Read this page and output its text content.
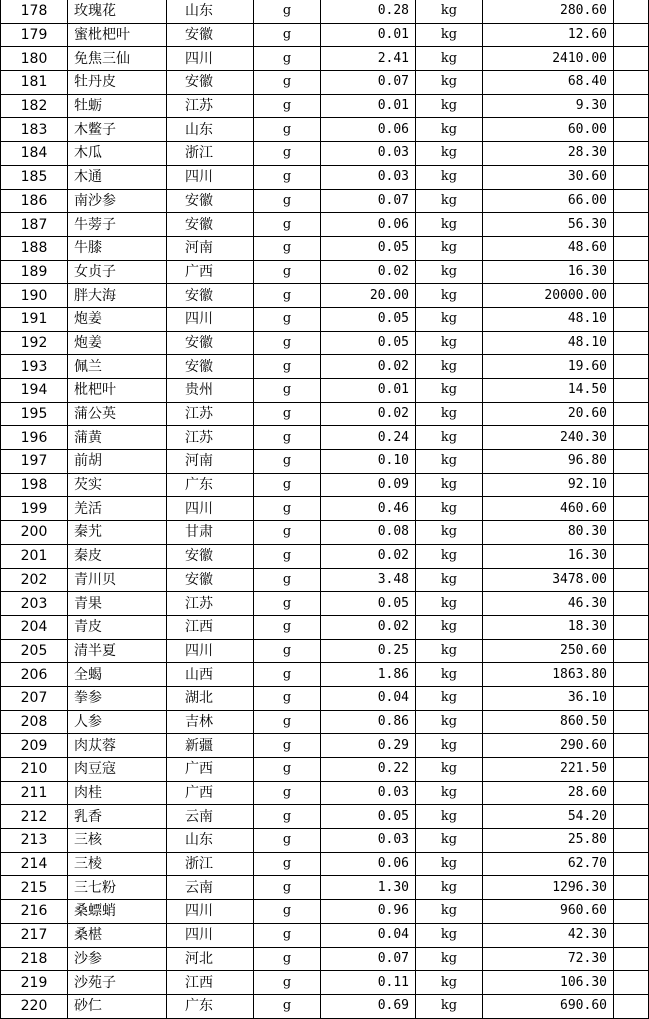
178	玫瑰花	山东	g	0.28	kg	280.60	
179	蜜枇杷叶	安徽	g	0.01	kg	12.60	
180	免焦三仙	四川	g	2.41	kg	2410.00	
181	牡丹皮	安徽	g	0.07	kg	68.40	
182	牡蛎	江苏	g	0.01	kg	9.30	
183	木鳖子	山东	g	0.06	kg	60.00	
184	木瓜	浙江	g	0.03	kg	28.30	
185	木通	四川	g	0.03	kg	30.60	
186	南沙参	安徽	g	0.07	kg	66.00	
187	牛蒡子	安徽	g	0.06	kg	56.30	
188	牛膝	河南	g	0.05	kg	48.60	
189	女贞子	广西	g	0.02	kg	16.30	
190	胖大海	安徽	g	20.00	kg	20000.00	
191	炮姜	四川	g	0.05	kg	48.10	
192	炮姜	安徽	g	0.05	kg	48.10	
193	佩兰	安徽	g	0.02	kg	19.60	
194	枇杷叶	贵州	g	0.01	kg	14.50	
195	蒲公英	江苏	g	0.02	kg	20.60	
196	蒲黄	江苏	g	0.24	kg	240.30	
197	前胡	河南	g	0.10	kg	96.80	
198	芡实	广东	g	0.09	kg	92.10	
199	羌活	四川	g	0.46	kg	460.60	
200	秦艽	甘肃	g	0.08	kg	80.30	
201	秦皮	安徽	g	0.02	kg	16.30	
202	青川贝	安徽	g	3.48	kg	3478.00	
203	青果	江苏	g	0.05	kg	46.30	
204	青皮	江西	g	0.02	kg	18.30	
205	清半夏	四川	g	0.25	kg	250.60	
206	全蝎	山西	g	1.86	kg	1863.80	
207	拳参	湖北	g	0.04	kg	36.10	
208	人参	吉林	g	0.86	kg	860.50	
209	肉苁蓉	新疆	g	0.29	kg	290.60	
210	肉豆寇	广西	g	0.22	kg	221.50	
211	肉桂	广西	g	0.03	kg	28.60	
212	乳香	云南	g	0.05	kg	54.20	
213	三核	山东	g	0.03	kg	25.80	
214	三棱	浙江	g	0.06	kg	62.70	
215	三七粉	云南	g	1.30	kg	1296.30	
216	桑螵蛸	四川	g	0.96	kg	960.60	
217	桑椹	四川	g	0.04	kg	42.30	
218	沙参	河北	g	0.07	kg	72.30	
219	沙苑子	江西	g	0.11	kg	106.30	
220	砂仁	广东	g	0.69	kg	690.60	
